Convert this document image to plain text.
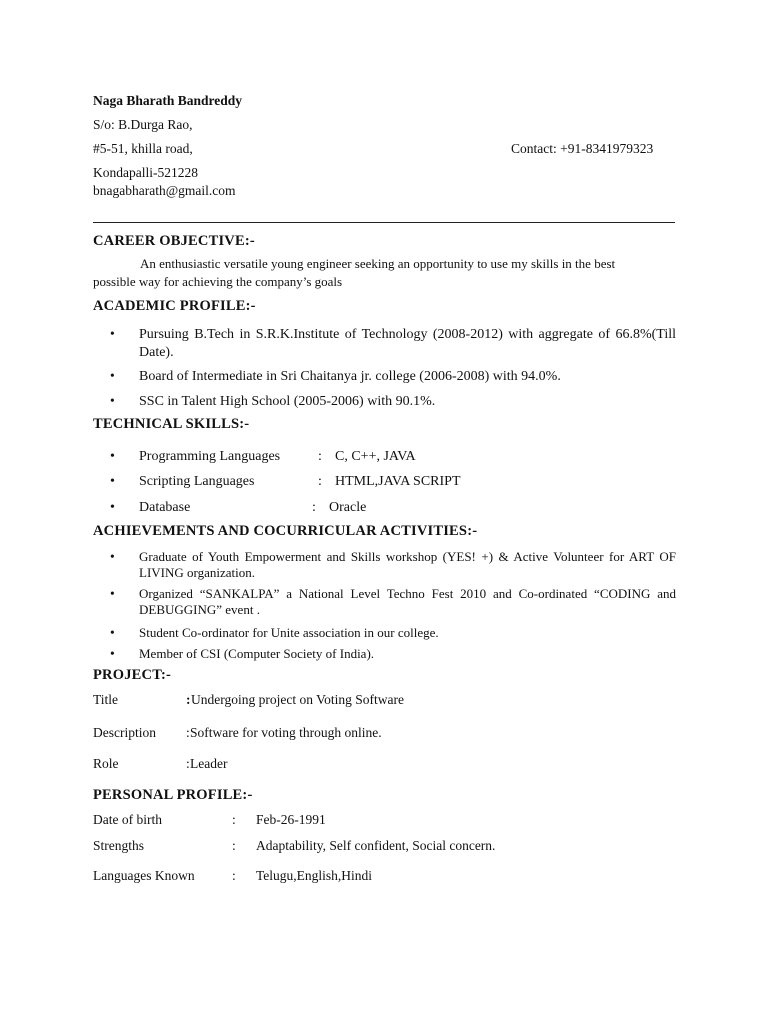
Naga Bharath Bandreddy
S/o: B.Durga Rao,
#5-51, khilla road,	Contact: +91-8341979323
Kondapalli-521228
bnagabharath@gmail.com
CAREER OBJECTIVE:-
An enthusiastic versatile young engineer seeking an opportunity to use my skills in the best
possible way for achieving the company’s goals
ACADEMIC PROFILE:-
• Pursuing B.Tech in S.R.K.Institute of Technology (2008-2012) with aggregate of 66.8%(Till Date).
• Board of Intermediate in Sri Chaitanya jr. college (2006-2008) with 94.0%.
• SSC in Talent High School (2005-2006) with 90.1%.
TECHNICAL SKILLS:-
• Programming Languages	: C, C++, JAVA
• Scripting Languages	: HTML,JAVA SCRIPT
• Database	: Oracle
ACHIEVEMENTS AND COCURRICULAR ACTIVITIES:-
• Graduate of Youth Empowerment and Skills workshop (YES! +) & Active Volunteer for ART OF LIVING organization.
• Organized “SANKALPA” a National Level Techno Fest 2010 and Co-ordinated “CODING and DEBUGGING” event .
• Student Co-ordinator for Unite association in our college.
• Member of CSI (Computer Society of India).
PROJECT:-
Title	: Undergoing project on Voting Software
Description : Software for voting through online.
Role	: Leader
PERSONAL PROFILE:-
Date of birth	: Feb-26-1991
Strengths	: Adaptability, Self confident, Social concern.
Languages Known	: Telugu,English,Hindi
